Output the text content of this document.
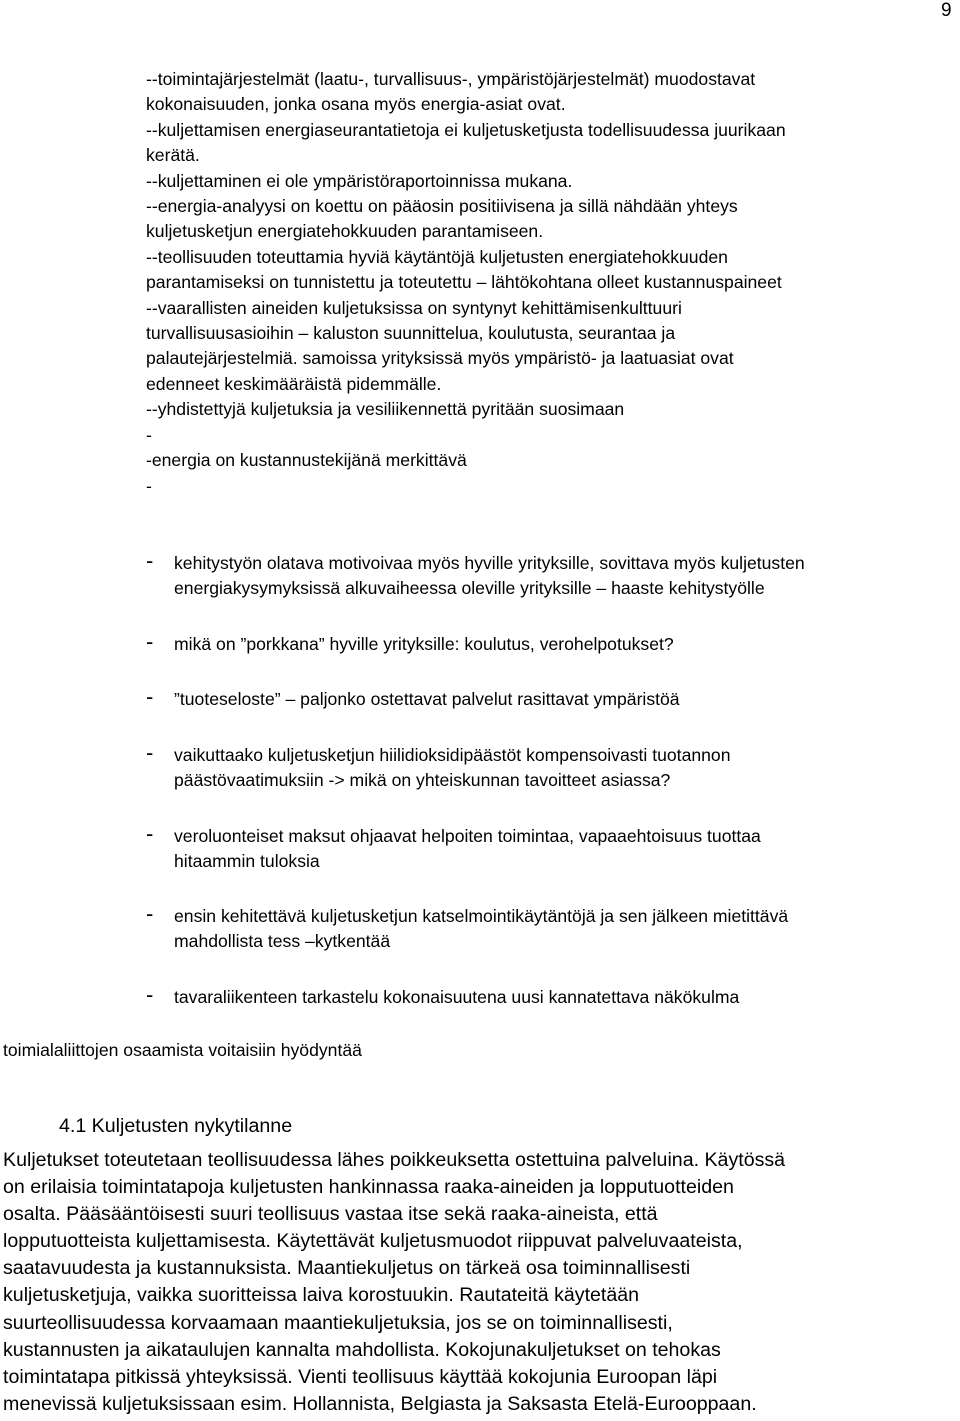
9

--toimintajärjestelmät (laatu-, turvallisuus-, ympäristöjärjestelmät) muodostavat

kokonaisuuden, jonka osana myös energia-asiat ovat.

--kuljettamisen energiaseurantatietoja ei kuljetusketjusta todellisuudessa juurikaan

kerätä.

--kuljettaminen ei ole ympäristöraportoinnissa mukana.

--energia-analyysi on koettu on pääosin positiivisena ja sillä nähdään yhteys

kuljetusketjun energiatehokkuuden parantamiseen.

--teollisuuden toteuttamia hyviä käytäntöjä kuljetusten energiatehokkuuden

parantamiseksi on tunnistettu ja toteutettu – lähtökohtana olleet kustannuspaineet

--vaarallisten aineiden kuljetuksissa on syntynyt kehittämisenkulttuuri

turvallisuusasioihin – kaluston suunnittelua, koulutusta, seurantaa ja

palautejärjestelmiä. samoissa yrityksissä myös ympäristö- ja laatuasiat ovat

edenneet keskimääräistä pidemmälle.

--yhdistettyjä kuljetuksia ja vesiliikennettä pyritään suosimaan

-

-energia on kustannustekijänä merkittävä

-

- kehitystyön olatava motivoivaa myös hyville yrityksille, sovittava myös kuljetusten
energiakysymyksissä alkuvaiheessa oleville yrityksille – haaste kehitystyölle
- mikä on ”porkkana” hyville yrityksille: koulutus, verohelpotukset?
- ”tuoteseloste” – paljonko ostettavat palvelut rasittavat ympäristöä
- vaikuttaako kuljetusketjun hiilidioksidipäästöt kompensoivasti tuotannon
päästövaatimuksiin -> mikä on yhteiskunnan tavoitteet asiassa?
- veroluonteiset maksut ohjaavat helpoiten toimintaa, vapaaehtoisuus tuottaa
hitaammin tuloksia
- ensin kehitettävä kuljetusketjun katselmointikäytäntöjä ja sen jälkeen mietittävä
mahdollista tess –kytkentää
- tavaraliikenteen tarkastelu kokonaisuutena uusi kannatettava näkökulma
toimialaliittojen osaamista voitaisiin hyödyntää
4.1 Kuljetusten nykytilanne

Kuljetukset toteutetaan teollisuudessa lähes poikkeuksetta ostettuina palveluina. Käytössä

on erilaisia toimintatapoja kuljetusten hankinnassa raaka-aineiden ja lopputuotteiden

osalta. Pääsääntöisesti suuri teollisuus vastaa itse sekä raaka-aineista, että

lopputuotteista kuljettamisesta. Käytettävät kuljetusmuodot riippuvat palveluvaateista,

saatavuudesta ja kustannuksista. Maantiekuljetus on tärkeä osa toiminnallisesti

kuljetusketjuja, vaikka suoritteissa laiva korostuukin. Rautateitä käytetään

suurteollisuudessa korvaamaan maantiekuljetuksia, jos se on toiminnallisesti,

kustannusten ja aikataulujen kannalta mahdollista. Kokojunakuljetukset on tehokas

toimintatapa pitkissä yhteyksissä. Vienti teollisuus käyttää kokojunia Euroopan läpi

menevissä kuljetuksissaan esim. Hollannista, Belgiasta ja Saksasta Etelä-Eurooppaan.
